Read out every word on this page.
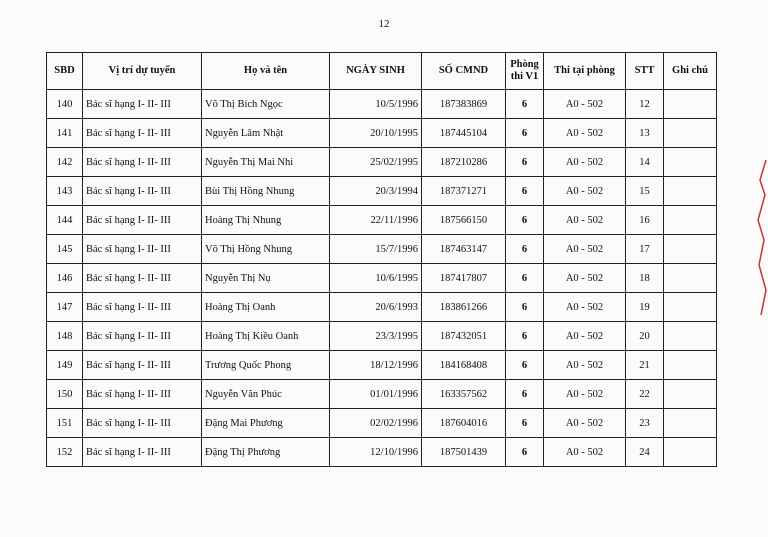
12
SBD	Vị trí dự tuyển	Họ và tên	NGÀY SINH	SỐ CMND	Phòng thi V1	Thi tại phòng	STT	Ghi chú
140	Bác sĩ hạng I- II- III	Võ Thị Bích Ngọc	10/5/1996	187383869	6	A0 - 502	12	
141	Bác sĩ hạng I- II- III	Nguyễn Lâm Nhật	20/10/1995	187445104	6	A0 - 502	13	
142	Bác sĩ hạng I- II- III	Nguyễn Thị Mai Nhi	25/02/1995	187210286	6	A0 - 502	14	
143	Bác sĩ hạng I- II- III	Bùi Thị Hồng Nhung	20/3/1994	187371271	6	A0 - 502	15	
144	Bác sĩ hạng I- II- III	Hoàng Thị Nhung	22/11/1996	187566150	6	A0 - 502	16	
145	Bác sĩ hạng I- II- III	Võ Thị Hồng Nhung	15/7/1996	187463147	6	A0 - 502	17	
146	Bác sĩ hạng I- II- III	Nguyễn Thị Nụ	10/6/1995	187417807	6	A0 - 502	18	
147	Bác sĩ hạng I- II- III	Hoàng Thị Oanh	20/6/1993	183861266	6	A0 - 502	19	
148	Bác sĩ hạng I- II- III	Hoàng Thị Kiều Oanh	23/3/1995	187432051	6	A0 - 502	20	
149	Bác sĩ hạng I- II- III	Trương Quốc Phong	18/12/1996	184168408	6	A0 - 502	21	
150	Bác sĩ hạng I- II- III	Nguyễn Văn Phúc	01/01/1996	163357562	6	A0 - 502	22	
151	Bác sĩ hạng I- II- III	Đặng Mai Phương	02/02/1996	187604016	6	A0 - 502	23	
152	Bác sĩ hạng I- II- III	Đặng Thị Phương	12/10/1996	187501439	6	A0 - 502	24	
